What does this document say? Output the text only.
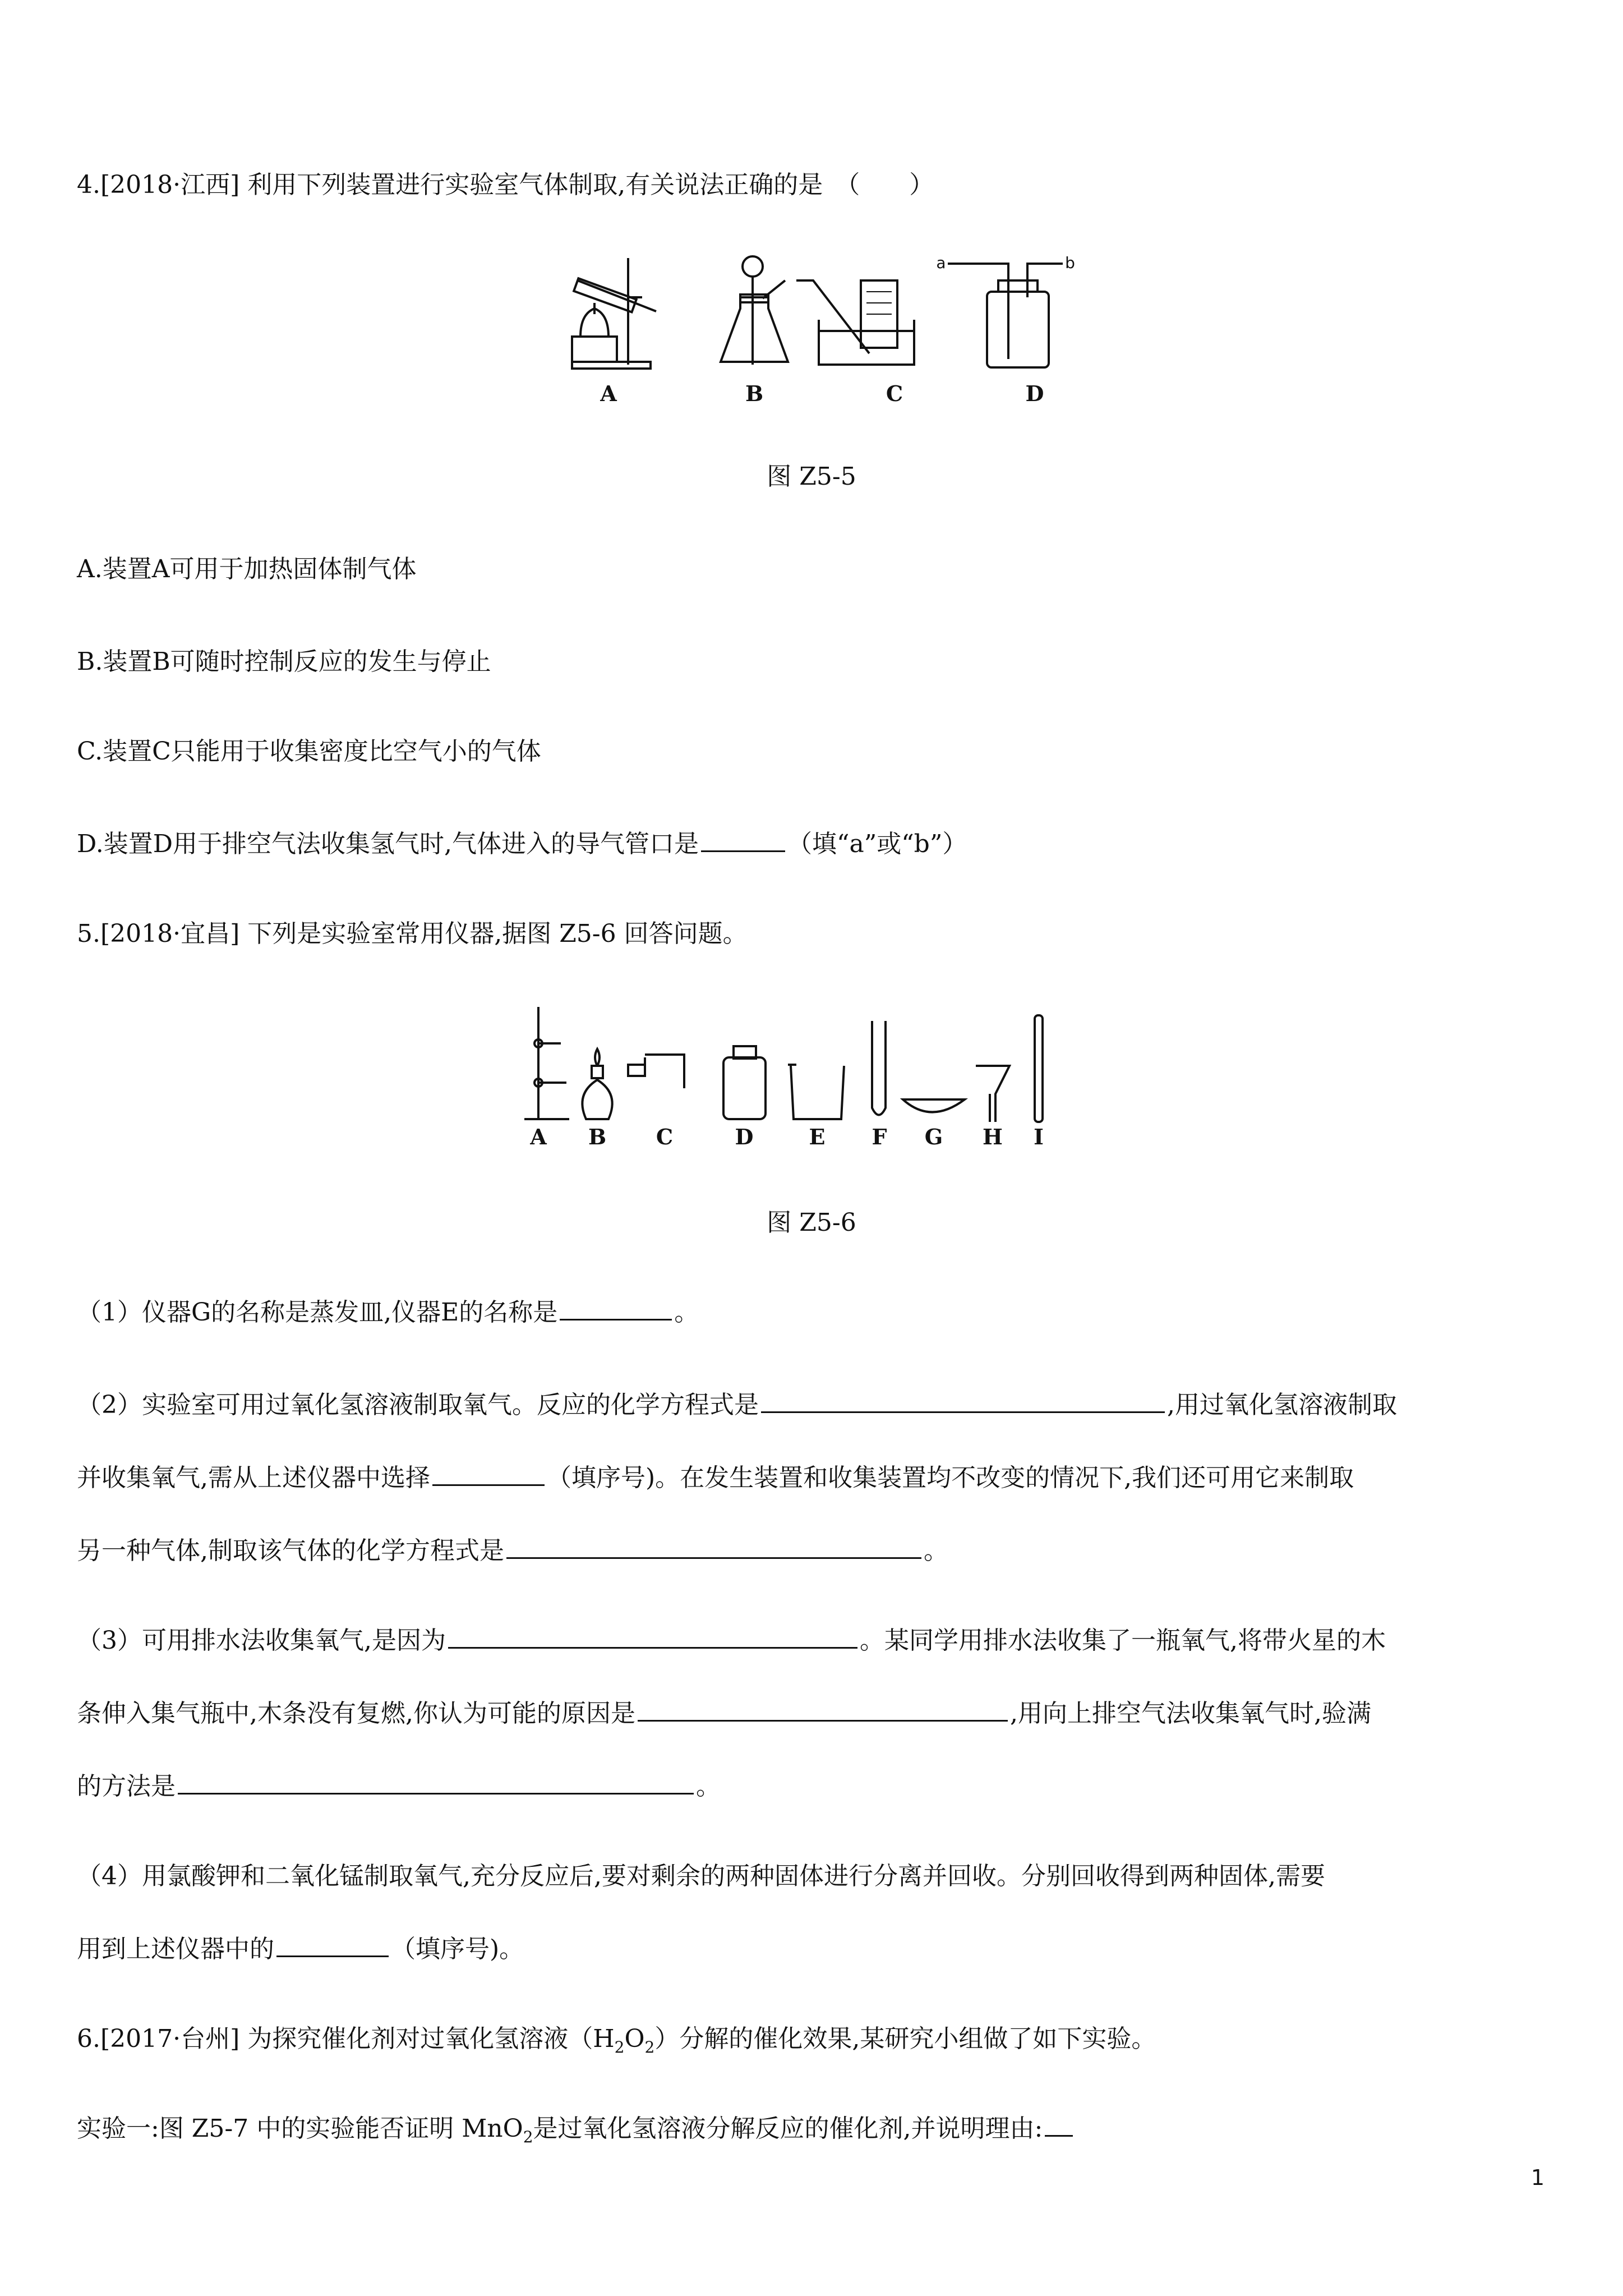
4.[2018·江西] 利用下列装置进行实验室气体制取,有关说法正确的是　（　　）
a	b
A	B	C	D
图 Z5-5
A.装置A可用于加热固体制气体
B.装置B可随时控制反应的发生与停止
C.装置C只能用于收集密度比空气小的气体
D.装置D用于排空气法收集氢气时,气体进入的导气管口是	（填“a”或“b”）
5.[2018·宜昌] 下列是实验室常用仪器,据图 Z5-6 回答问题。
A B C	D	E F G H I
图 Z5-6
（1）仪器G的名称是蒸发皿,仪器E的名称是	。
（2）实验室可用过氧化氢溶液制取氧气。反应的化学方程式是	,用过氧化氢溶液制取
并收集氧气,需从上述仪器中选择	（填序号)。在发生装置和收集装置均不改变的情况下,我们还可用它来制取
另一种气体,制取该气体的化学方程式是	。
（3）可用排水法收集氧气,是因为	。某同学用排水法收集了一瓶氧气,将带火星的木
条伸入集气瓶中,木条没有复燃,你认为可能的原因是	,用向上排空气法收集氧气时,验满
的方法是	。
（4）用氯酸钾和二氧化锰制取氧气,充分反应后,要对剩余的两种固体进行分离并回收。分别回收得到两种固体,需要
用到上述仪器中的	（填序号)。
6.[2017·台州] 为探究催化剂对过氧化氢溶液$(H_2O_2)$分解的催化效果,某研究小组做了如下实验。
实验一:图 Z5-7 中的实验能否证明 MnO$_2$是过氧化氢溶液分解反应的催化剂,并说明理由:
1
